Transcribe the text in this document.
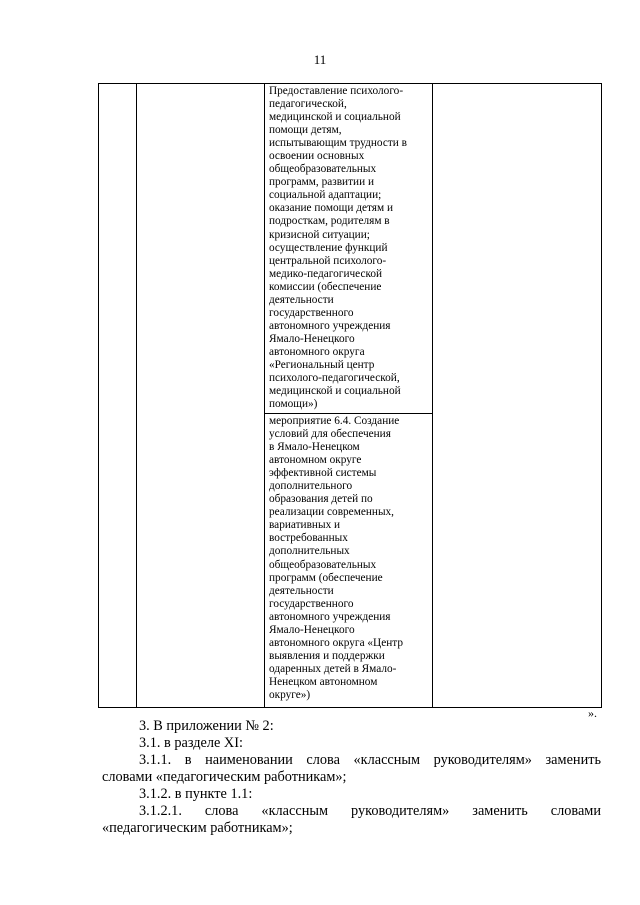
11

Предоставление психолого-
педагогической,
медицинской и социальной
помощи детям,
испытывающим трудности в
освоении основных
общеобразовательных
программ, развитии и
социальной адаптации;
оказание помощи детям и
подросткам, родителям в
кризисной ситуации;
осуществление функций
центральной психолого-
медико-педагогической
комиссии (обеспечение
деятельности
государственного
автономного учреждения
Ямало-Ненецкого
автономного округа
«Региональный центр
психолого-педагогической,
медицинской и социальной
помощи»)

мероприятие 6.4. Создание
условий для обеспечения
в Ямало-Ненецком
автономном округе
эффективной системы
дополнительного
образования детей по
реализации современных,
вариативных и
востребованных
дополнительных
общеобразовательных
программ (обеспечение
деятельности
государственного
автономного учреждения
Ямало-Ненецкого
автономного округа «Центр
выявления и поддержки
одаренных детей в Ямало-
Ненецком автономном
округе»)
».
3. В приложении № 2:
3.1. в разделе XI:
3.1.1. в наименовании слова «классным руководителям» заменить
словами «педагогическим работникам»;
3.1.2. в пункте 1.1:
3.1.2.1. слова «классным руководителям» заменить словами
«педагогическим работникам»;
